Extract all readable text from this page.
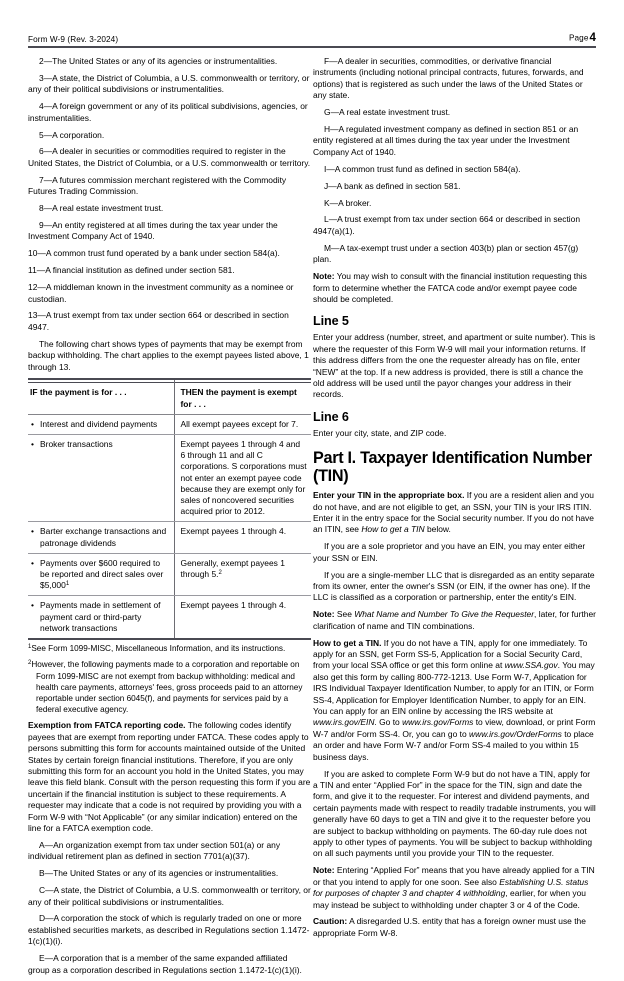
Form W-9 (Rev. 3-2024)	Page4

2—The United States or any of its agencies or instrumentalities.

3—A state, the District of Columbia, a U.S. commonwealth or territory, or any of their political subdivisions or instrumentalities.

4—A foreign government or any of its political subdivisions, agencies, or instrumentalities.

5—A corporation.

6—A dealer in securities or commodities required to register in the United States, the District of Columbia, or a U.S. commonwealth or territory.

7—A futures commission merchant registered with the Commodity Futures Trading Commission.

8—A real estate investment trust.

9—An entity registered at all times during the tax year under the Investment Company Act of 1940.

10—A common trust fund operated by a bank under section 584(a).

11—A financial institution as defined under section 581.

12—A middleman known in the investment community as a nominee or custodian.

13—A trust exempt from tax under section 664 or described in section 4947.

The following chart shows types of payments that may be exempt from backup withholding. The chart applies to the exempt payees listed above, 1 through 13.

IF the payment is for . . .	THEN the payment is exempt for . . .
• Interest and dividend payments	All exempt payees except for 7.
• Broker transactions	Exempt payees 1 through 4 and 6 through 11 and all C corporations. S corporations must not enter an exempt payee code because they are exempt only for sales of noncovered securities acquired prior to 2012.
• Barter exchange transactions and patronage dividends	Exempt payees 1 through 4.
• Payments over $600 required to be reported and direct sales over $5,000$^1$	Generally, exempt payees 1 through 5.$^2$
• Payments made in settlement of payment card or third-party network transactions	Exempt payees 1 through 4.

$^1$See Form 1099-MISC, Miscellaneous Information, and its instructions.

$^2$However, the following payments made to a corporation and reportable on Form 1099-MISC are not exempt from backup withholding: medical and health care payments, attorneys' fees, gross proceeds paid to an attorney reportable under section 6045(f), and payments for services paid by a federal executive agency.

Exemption from FATCA reporting code. The following codes identify payees that are exempt from reporting under FATCA. These codes apply to persons submitting this form for accounts maintained outside of the United States by certain foreign financial institutions. Therefore, if you are only submitting this form for an account you hold in the United States, you may leave this field blank. Consult with the person requesting this form if you are uncertain if the financial institution is subject to these requirements. A requester may indicate that a code is not required by providing you with a Form W-9 with “Not Applicable” (or any similar indication) entered on the line for a FATCA exemption code.

A—An organization exempt from tax under section 501(a) or any individual retirement plan as defined in section 7701(a)(37).

B—The United States or any of its agencies or instrumentalities.

C—A state, the District of Columbia, a U.S. commonwealth or territory, or any of their political subdivisions or instrumentalities.

D—A corporation the stock of which is regularly traded on one or more established securities markets, as described in Regulations section 1.1472-1(c)(1)(i).

E—A corporation that is a member of the same expanded affiliated group as a corporation described in Regulations section 1.1472-1(c)(1)(i).

F—A dealer in securities, commodities, or derivative financial instruments (including notional principal contracts, futures, forwards, and options) that is registered as such under the laws of the United States or any state.

G—A real estate investment trust.

H—A regulated investment company as defined in section 851 or an entity registered at all times during the tax year under the Investment Company Act of 1940.

I—A common trust fund as defined in section 584(a).

J—A bank as defined in section 581.

K—A broker.

L—A trust exempt from tax under section 664 or described in section 4947(a)(1).

M—A tax-exempt trust under a section 403(b) plan or section 457(g) plan.

Note: You may wish to consult with the financial institution requesting this form to determine whether the FATCA code and/or exempt payee code should be completed.

Line 5

Enter your address (number, street, and apartment or suite number). This is where the requester of this Form W-9 will mail your information returns. If this address differs from the one the requester already has on file, enter “NEW” at the top. If a new address is provided, there is still a chance the old address will be used until the payor changes your address in their records.

Line 6

Enter your city, state, and ZIP code.

Part I. Taxpayer Identification Number (TIN)

Enter your TIN in the appropriate box. If you are a resident alien and you do not have, and are not eligible to get, an SSN, your TIN is your IRS ITIN. Enter it in the entry space for the Social security number. If you do not have an ITIN, see How to get a TIN below.

If you are a sole proprietor and you have an EIN, you may enter either your SSN or EIN.

If you are a single-member LLC that is disregarded as an entity separate from its owner, enter the owner's SSN (or EIN, if the owner has one). If the LLC is classified as a corporation or partnership, enter the entity's EIN.

Note: See What Name and Number To Give the Requester, later, for further clarification of name and TIN combinations.

How to get a TIN. If you do not have a TIN, apply for one immediately. To apply for an SSN, get Form SS-5, Application for a Social Security Card, from your local SSA office or get this form online at www.SSA.gov. You may also get this form by calling 800-772-1213. Use Form W-7, Application for IRS Individual Taxpayer Identification Number, to apply for an ITIN, or Form SS-4, Application for Employer Identification Number, to apply for an EIN. You can apply for an EIN online by accessing the IRS website at www.irs.gov/EIN. Go to www.irs.gov/Forms to view, download, or print Form W-7 and/or Form SS-4. Or, you can go to www.irs.gov/OrderForms to place an order and have Form W-7 and/or Form SS-4 mailed to you within 15 business days.

If you are asked to complete Form W-9 but do not have a TIN, apply for a TIN and enter “Applied For” in the space for the TIN, sign and date the form, and give it to the requester. For interest and dividend payments, and certain payments made with respect to readily tradable instruments, you will generally have 60 days to get a TIN and give it to the requester before you are subject to backup withholding on payments. The 60-day rule does not apply to other types of payments. You will be subject to backup withholding on all such payments until you provide your TIN to the requester.

Note: Entering “Applied For” means that you have already applied for a TIN or that you intend to apply for one soon. See also Establishing U.S. status for purposes of chapter 3 and chapter 4 withholding, earlier, for when you may instead be subject to withholding under chapter 3 or 4 of the Code.

Caution: A disregarded U.S. entity that has a foreign owner must use the appropriate Form W-8.
